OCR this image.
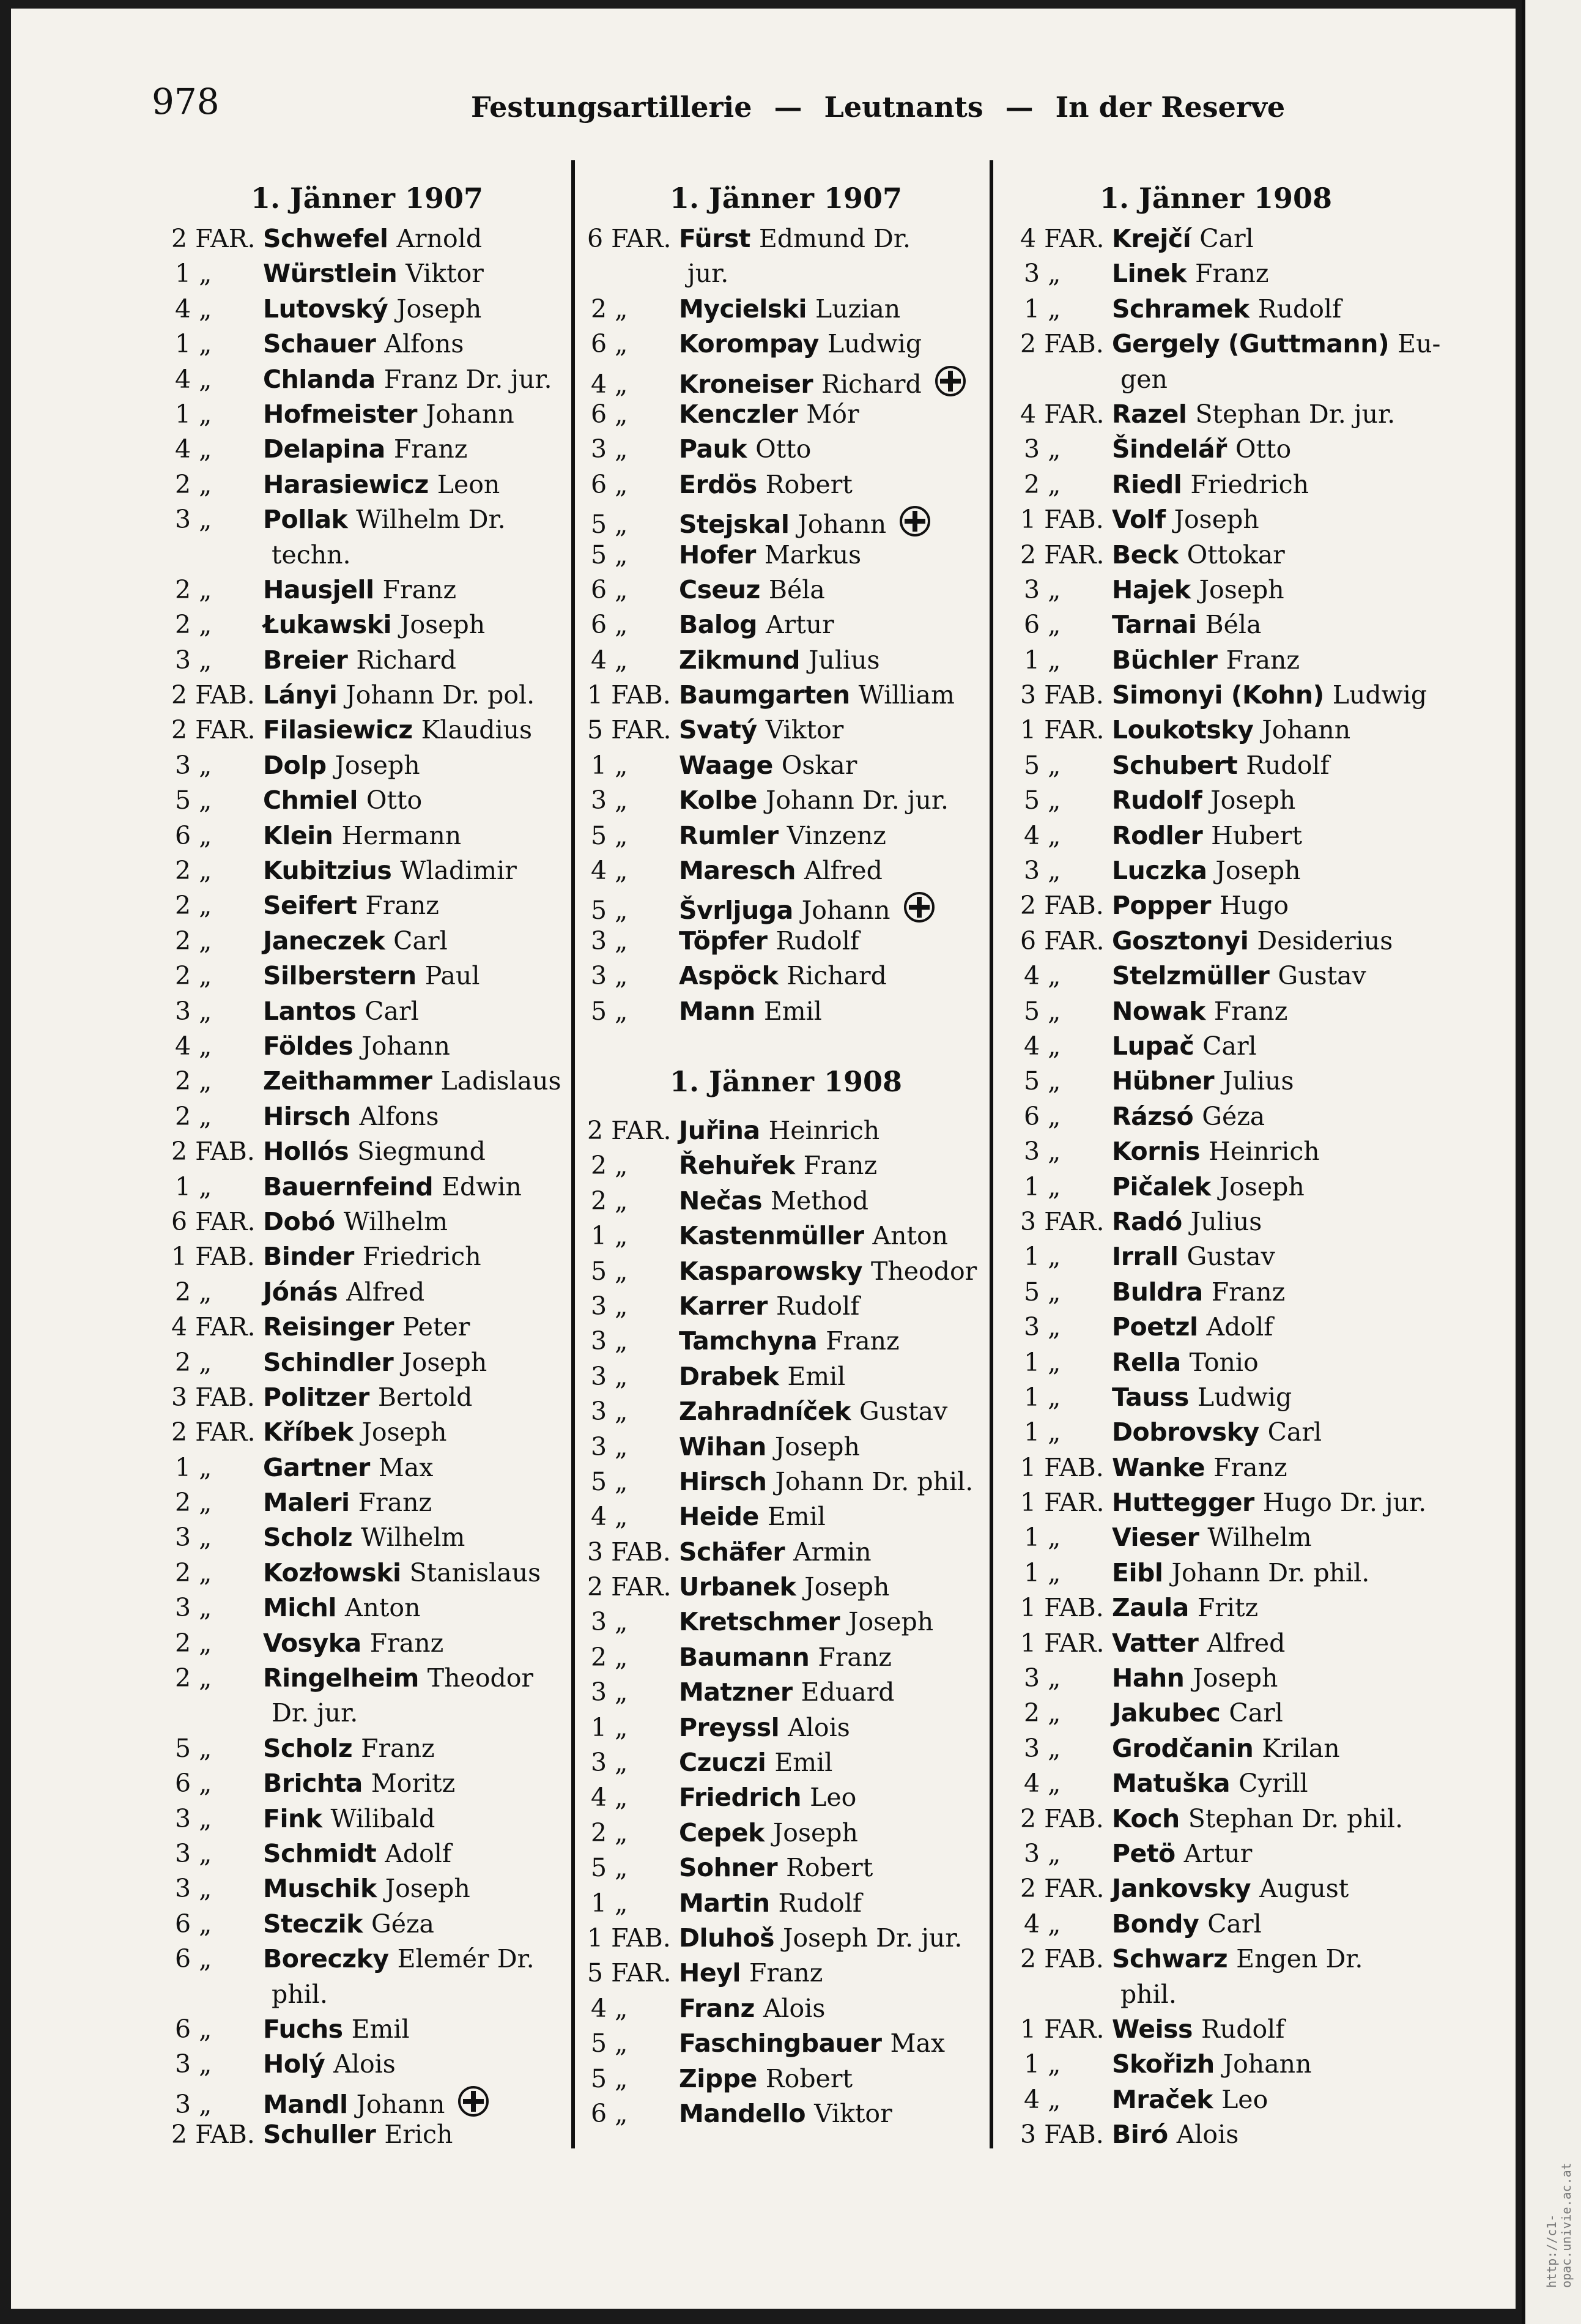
http://c1-opac.univie.ac.at
978	Festungsartillerie — Leutnants — In der Reserve
1. Jänner 1907
2 FAR. Schwefel Arnold
1 „	Würstlein Viktor
4 „	Lutovský Joseph
1 „	Schauer Alfons
4 „	Chlanda Franz Dr. jur.
1 „	Hofmeister Johann
4 „	Delapina Franz
2 „	Harasiewicz Leon
3 „	Pollak Wilhelm Dr.
techn.
2 „	Hausjell Franz
2 „	Łukawski Joseph
3 „	Breier Richard
2 FAB. Lányi Johann Dr. pol.
2 FAR. Filasiewicz Klaudius
3 „	Dolp Joseph
5 „	Chmiel Otto
6 „	Klein Hermann
2 „	Kubitzius Wladimir
2 „	Seifert Franz
2 „	Janeczek Carl
2 „	Silberstern Paul
3 „	Lantos Carl
4 „	Földes Johann
2 „	Zeithammer Ladislaus
2 „	Hirsch Alfons
2 FAB. Hollós Siegmund
1 „	Bauernfeind Edwin
6 FAR. Dobó Wilhelm
1 FAB. Binder Friedrich
2 „	Jónás Alfred
4 FAR. Reisinger Peter
2 „	Schindler Joseph
3 FAB. Politzer Bertold
2 FAR. Kříbek Joseph
1 „	Gartner Max
2 „	Maleri Franz
3 „	Scholz Wilhelm
2 „	Kozłowski Stanislaus
3 „	Michl Anton
2 „	Vosyka Franz
2 „	Ringelheim Theodor
Dr. jur.
5 „	Scholz Franz
6 „	Brichta Moritz
3 „	Fink Wilibald
3 „	Schmidt Adolf
3 „	Muschik Joseph
6 „	Steczik Géza
6 „	Boreczky Elemér Dr.
phil.
6 „	Fuchs Emil
3 „	Holý Alois
3 „	Mandl Johann
2 FAB. Schuller Erich
1. Jänner 1907
6 FAR. Fürst Edmund Dr.
jur.
2 „	Mycielski Luzian
6 „	Korompay Ludwig
4 „	Kroneiser Richard
6 „	Kenczler Mór
3 „	Pauk Otto
6 „	Erdös Robert
5 „	Stejskal Johann
5 „	Hofer Markus
6 „	Cseuz Béla
6 „	Balog Artur
4 „	Zikmund Julius
1 FAB. Baumgarten William
5 FAR. Svatý Viktor
1 „	Waage Oskar
3 „	Kolbe Johann Dr. jur.
5 „	Rumler Vinzenz
4 „	Maresch Alfred
5 „	Švrljuga Johann
3 „	Töpfer Rudolf
3 „	Aspöck Richard
5 „	Mann Emil
1. Jänner 1908
2 FAR. Juřina Heinrich
2 „	Řehuřek Franz
2 „	Nečas Method
1 „	Kastenmüller Anton
5 „	Kasparowsky Theodor
3 „	Karrer Rudolf
3 „	Tamchyna Franz
3 „	Drabek Emil
3 „	Zahradníček Gustav
3 „	Wihan Joseph
5 „	Hirsch Johann Dr. phil.
4 „	Heide Emil
3 FAB. Schäfer Armin
2 FAR. Urbanek Joseph
3 „	Kretschmer Joseph
2 „	Baumann Franz
3 „	Matzner Eduard
1 „	Preyssl Alois
3 „	Czuczi Emil
4 „	Friedrich Leo
2 „	Cepek Joseph
5 „	Sohner Robert
1 „	Martin Rudolf
1 FAB. Dluhoš Joseph Dr. jur.
5 FAR. Heyl Franz
4 „	Franz Alois
5 „	Faschingbauer Max
5 „	Zippe Robert
6 „	Mandello Viktor
1. Jänner 1908
4 FAR. Krejčí Carl
3 „	Linek Franz
1 „	Schramek Rudolf
2 FAB. Gergely (Guttmann) Eu-
gen
4 FAR. Razel Stephan Dr. jur.
3 „	Šindelář Otto
2 „	Riedl Friedrich
1 FAB. Volf Joseph
2 FAR. Beck Ottokar
3 „	Hajek Joseph
6 „	Tarnai Béla
1 „	Büchler Franz
3 FAB. Simonyi (Kohn) Ludwig
1 FAR. Loukotsky Johann
5 „	Schubert Rudolf
5 „	Rudolf Joseph
4 „	Rodler Hubert
3 „	Luczka Joseph
2 FAB. Popper Hugo
6 FAR. Gosztonyi Desiderius
4 „	Stelzmüller Gustav
5 „	Nowak Franz
4 „	Lupač Carl
5 „	Hübner Julius
6 „	Rázsó Géza
3 „	Kornis Heinrich
1 „	Pičalek Joseph
3 FAR. Radó Julius
1 „	Irrall Gustav
5 „	Buldra Franz
3 „	Poetzl Adolf
1 „	Rella Tonio
1 „	Tauss Ludwig
1 „	Dobrovsky Carl
1 FAB. Wanke Franz
1 FAR. Huttegger Hugo Dr. jur.
1 „	Vieser Wilhelm
1 „	Eibl Johann Dr. phil.
1 FAB. Zaula Fritz
1 FAR. Vatter Alfred
3 „	Hahn Joseph
2 „	Jakubec Carl
3 „	Grodčanin Krilan
4 „	Matuška Cyrill
2 FAB. Koch Stephan Dr. phil.
3 „	Petö Artur
2 FAR. Jankovsky August
4 „	Bondy Carl
2 FAB. Schwarz Engen Dr.
phil.
1 FAR. Weiss Rudolf
1 „	Skořizh Johann
4 „	Mraček Leo
3 FAB. Biró Alois
